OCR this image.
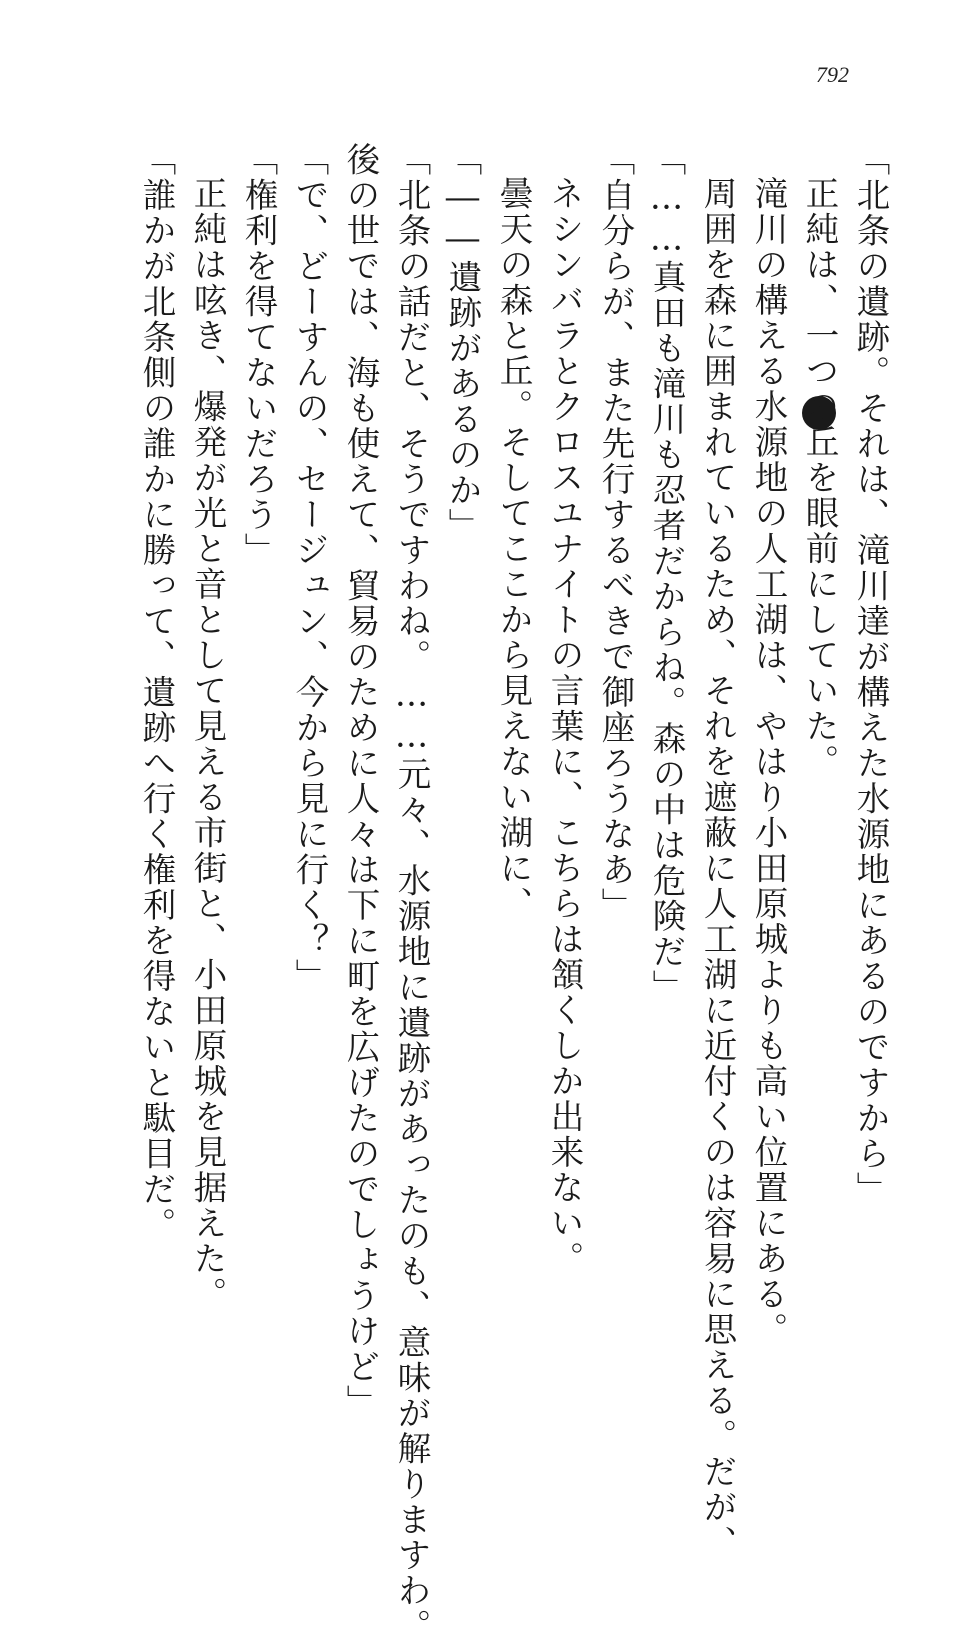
792
「北条の遺跡。それは、滝川達が構えた水源地にあるのですから」
正純は、一つの丘を眼前にしていた。
滝川の構える水源地の人工湖は、やはり小田原城よりも高い位置にある。
周囲を森に囲まれているため、それを遮蔽に人工湖に近付くのは容易に思える。だが、
「……真田も滝川も忍者だからね。森の中は危険だ」
「自分らが、また先行するべきで御座ろうなあ」
ネシンバラとクロスユナイトの言葉に、こちらは頷くしか出来ない。
曇天の森と丘。そしてここから見えない湖に、
「――遺跡があるのか」
「北条の話だと、そうですわね。……元々、水源地に遺跡があったのも、意味が解りますわ。
後の世では、海も使えて、貿易のために人々は下に町を広げたのでしょうけど」
「で、どーすんの、セージュン、今から見に行く？」
「権利を得てないだろう」
正純は呟き、爆発が光と音として見える市街と、小田原城を見据えた。
「誰かが北条側の誰かに勝って、遺跡へ行く権利を得ないと駄目だ。
